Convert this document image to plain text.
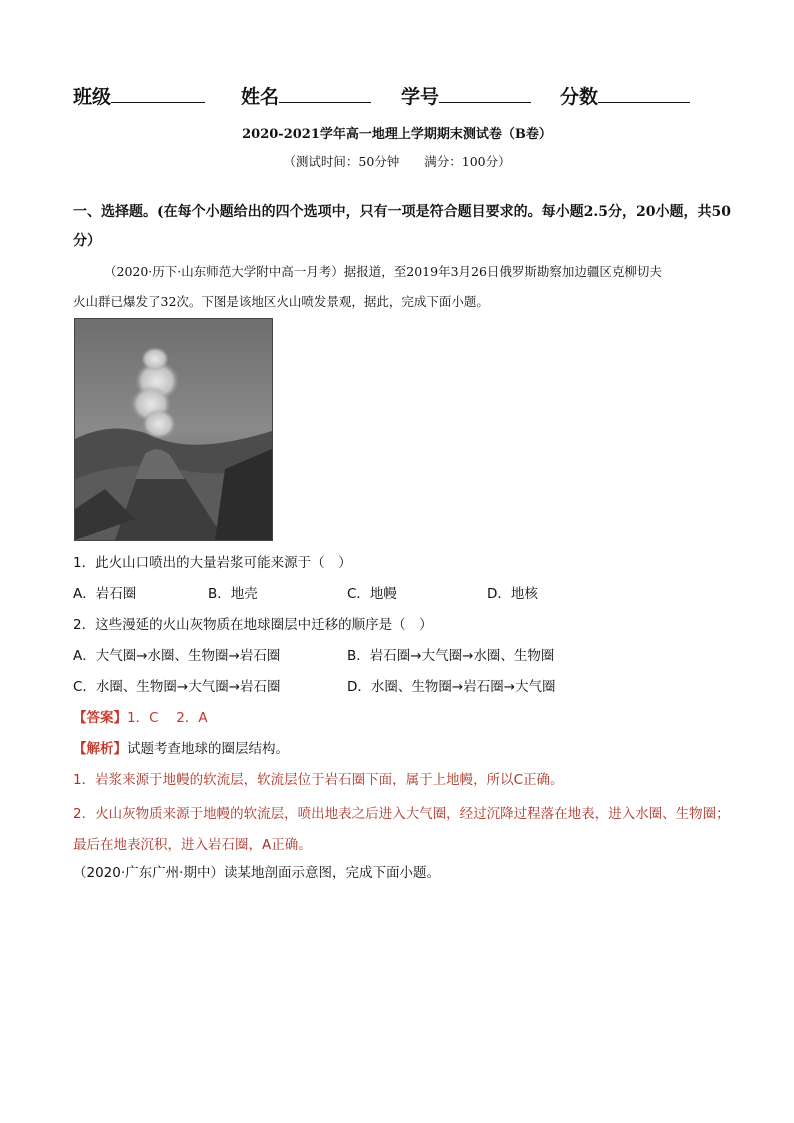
班级	姓名	学号	分数
2020-2021学年高一地理上学期期末测试卷（B卷）
（测试时间：50分钟　　满分：100分）
一、选择题。(在每个小题给出的四个选项中，只有一项是符合题目要求的。每小题2.5分，20小题，共50分）
（2020·历下·山东师范大学附中高一月考）据报道，至2019年3月26日俄罗斯勘察加边疆区克柳切夫
火山群已爆发了32次。下图是该地区火山喷发景观，据此，完成下面小题。
1．此火山口喷出的大量岩浆可能来源于（　）
A．岩石圈	B．地壳	C．地幔	D．地核
2．这些漫延的火山灰物质在地球圈层中迁移的顺序是（　）
A．大气圈→水圈、生物圈→岩石圈	B．岩石圈→大气圈→水圈、生物圈
C．水圈、生物圈→大气圈→岩石圈	D．水圈、生物圈→岩石圈→大气圈
【答案】1．C　 2．A
【解析】试题考查地球的圈层结构。
1．岩浆来源于地幔的软流层，软流层位于岩石圈下面，属于上地幔，所以C正确。
2．火山灰物质来源于地幔的软流层，喷出地表之后进入大气圈，经过沉降过程落在地表，进入水圈、生物圈；最后在地表沉积，进入岩石圈，A正确。
（2020·广东广州·期中）读某地剖面示意图，完成下面小题。
